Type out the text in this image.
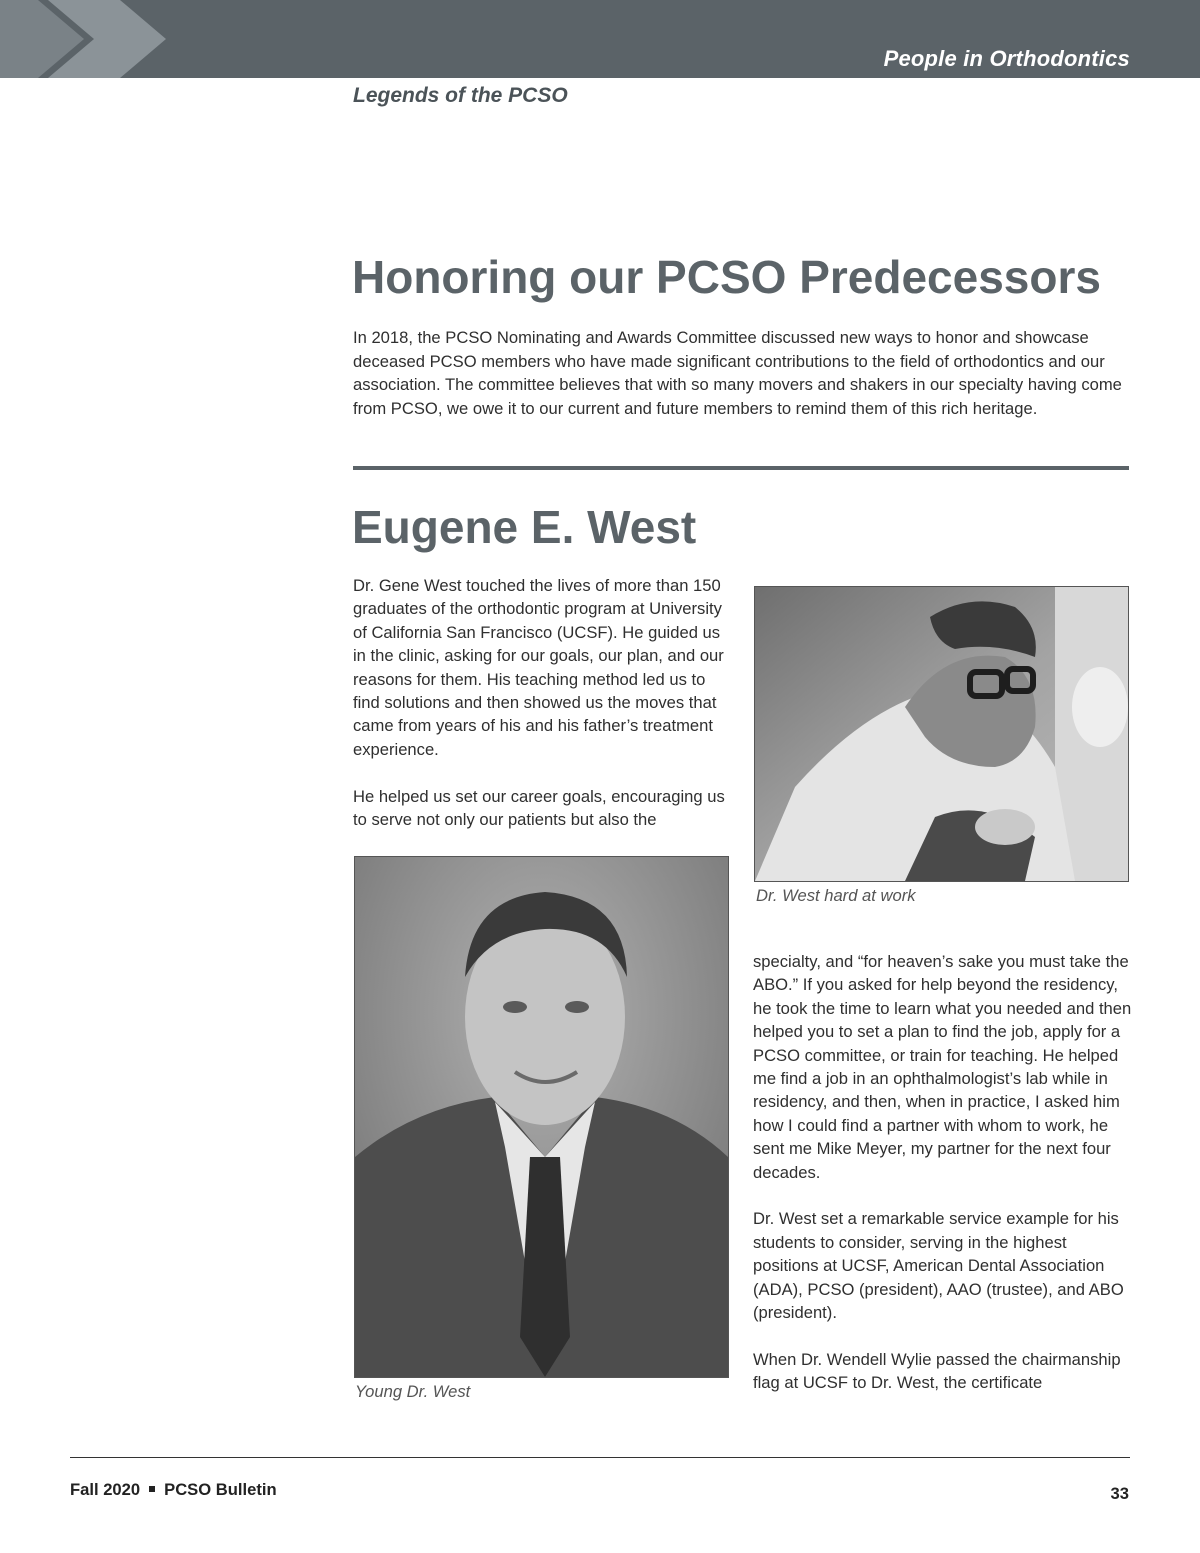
People in Orthodontics
Legends of the PCSO
Honoring our PCSO Predecessors

In 2018, the PCSO Nominating and Awards Committee discussed new ways to honor and showcase deceased PCSO members who have made significant contributions to the field of orthodontics and our association. The committee believes that with so many movers and shakers in our specialty having come from PCSO, we owe it to our current and future members to remind them of this rich heritage.

Eugene E. West

Dr. Gene West touched the lives of more than 150 graduates of the orthodontic program at University of California San Francisco (UCSF). He guided us in the clinic, asking for our goals, our plan, and our reasons for them. His teaching method led us to find solutions and then showed us the moves that came from years of his and his father’s treatment experience.

He helped us set our career goals, encouraging us to serve not only our patients but also the

Dr. West hard at work
Young Dr. West

specialty, and “for heaven’s sake you must take the ABO.” If you asked for help beyond the residency, he took the time to learn what you needed and then helped you to set a plan to find the job, apply for a PCSO committee, or train for teaching. He helped me find a job in an ophthalmologist’s lab while in residency, and then, when in practice, I asked him how I could find a partner with whom to work, he sent me Mike Meyer, my partner for the next four decades.

Dr. West set a remarkable service example for his students to consider, serving in the highest positions at UCSF, American Dental Association (ADA), PCSO (president), AAO (trustee), and ABO (president).

When Dr. Wendell Wylie passed the chairmanship flag at UCSF to Dr. West, the certificate

Fall 2020 PCSO Bulletin	33
